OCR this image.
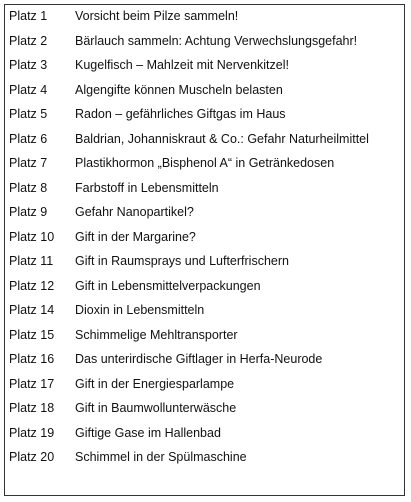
Platz 1	Vorsicht beim Pilze sammeln!
Platz 2	Bärlauch sammeln: Achtung Verwechslungsgefahr!
Platz 3	Kugelfisch – Mahlzeit mit Nervenkitzel!
Platz 4	Algengifte können Muscheln belasten
Platz 5	Radon – gefährliches Giftgas im Haus
Platz 6	Baldrian, Johanniskraut & Co.: Gefahr Naturheilmittel
Platz 7	Plastikhormon „Bisphenol A“ in Getränkedosen
Platz 8	Farbstoff in Lebensmitteln
Platz 9	Gefahr Nanopartikel?
Platz 10	Gift in der Margarine?
Platz 11	Gift in Raumsprays und Lufterfrischern
Platz 12	Gift in Lebensmittelverpackungen
Platz 14	Dioxin in Lebensmitteln
Platz 15	Schimmelige Mehltransporter
Platz 16	Das unterirdische Giftlager in Herfa-Neurode
Platz 17	Gift in der Energiesparlampe
Platz 18	Gift in Baumwollunterwäsche
Platz 19	Giftige Gase im Hallenbad
Platz 20	Schimmel in der Spülmaschine
